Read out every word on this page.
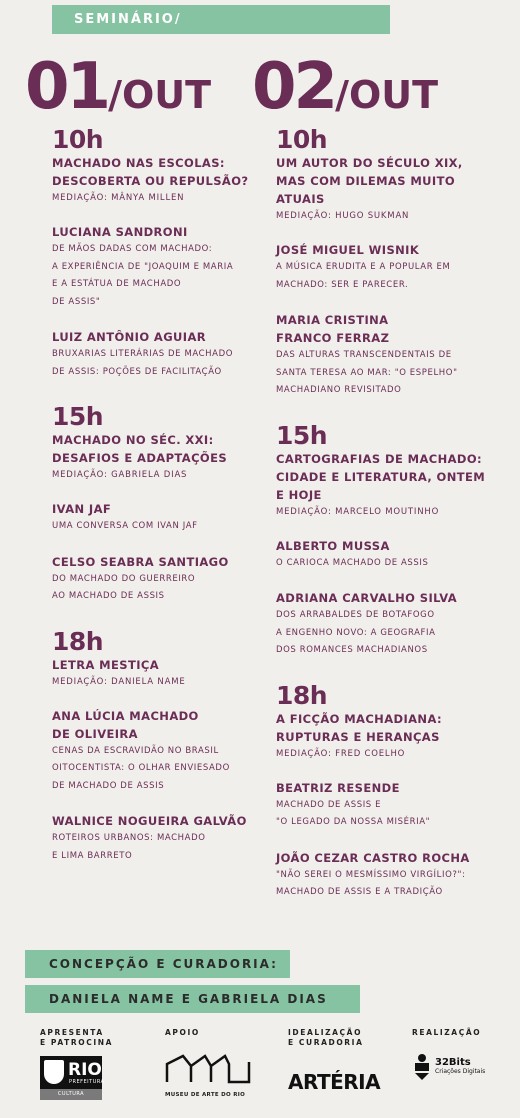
SEMINÁRIO/
01/OUT 02/OUT
10h
MACHADO NAS ESCOLAS:
DESCOBERTA OU REPULSÃO?
MEDIAÇÃO: MÂNYA MILLEN
LUCIANA SANDRONI
DE MÃOS DADAS COM MACHADO:
A EXPERIÊNCIA DE "JOAQUIM E MARIA
E A ESTÁTUA DE MACHADO
DE ASSIS"
LUIZ ANTÔNIO AGUIAR
BRUXARIAS LITERÁRIAS DE MACHADO
DE ASSIS: POÇÕES DE FACILITAÇÃO
15h
MACHADO NO SÉC. XXI:
DESAFIOS E ADAPTAÇÕES
MEDIAÇÃO: GABRIELA DIAS
IVAN JAF
UMA CONVERSA COM IVAN JAF
CELSO SEABRA SANTIAGO
DO MACHADO DO GUERREIRO
AO MACHADO DE ASSIS
18h
LETRA MESTIÇA
MEDIAÇÃO: DANIELA NAME
ANA LÚCIA MACHADO
DE OLIVEIRA
CENAS DA ESCRAVIDÃO NO BRASIL
OITOCENTISTA: O OLHAR ENVIESADO
DE MACHADO DE ASSIS
WALNICE NOGUEIRA GALVÃO
ROTEIROS URBANOS: MACHADO
E LIMA BARRETO
10h
UM AUTOR DO SÉCULO XIX,
MAS COM DILEMAS MUITO
ATUAIS
MEDIAÇÃO: HUGO SUKMAN
JOSÉ MIGUEL WISNIK
A MÚSICA ERUDITA E A POPULAR EM
MACHADO: SER E PARECER.
MARIA CRISTINA
FRANCO FERRAZ
DAS ALTURAS TRANSCENDENTAIS DE
SANTA TERESA AO MAR: "O ESPELHO"
MACHADIANO REVISITADO
15h
CARTOGRAFIAS DE MACHADO:
CIDADE E LITERATURA, ONTEM
E HOJE
MEDIAÇÃO: MARCELO MOUTINHO
ALBERTO MUSSA
O CARIOCA MACHADO DE ASSIS
ADRIANA CARVALHO SILVA
DOS ARRABALDES DE BOTAFOGO
A ENGENHO NOVO: A GEOGRAFIA
DOS ROMANCES MACHADIANOS
18h
A FICÇÃO MACHADIANA:
RUPTURAS E HERANÇAS
MEDIAÇÃO: FRED COELHO
BEATRIZ RESENDE
MACHADO DE ASSIS E
"O LEGADO DA NOSSA MISÉRIA"
JOÃO CEZAR CASTRO ROCHA
"NÃO SEREI O MESMÍSSIMO VIRGÍLIO?":
MACHADO DE ASSIS E A TRADIÇÃO
CONCEPÇÃO E CURADORIA:
DANIELA NAME E GABRIELA DIAS
APRESENTA
E PATROCINA
RIO
PREFEITURA
CULTURA
APOIO
MUSEU DE ARTE DO RIO
IDEALIZAÇÃO
E CURADORIA
ARTÉRIA
REALIZAÇÃO
32Bits
Criações Digitais
